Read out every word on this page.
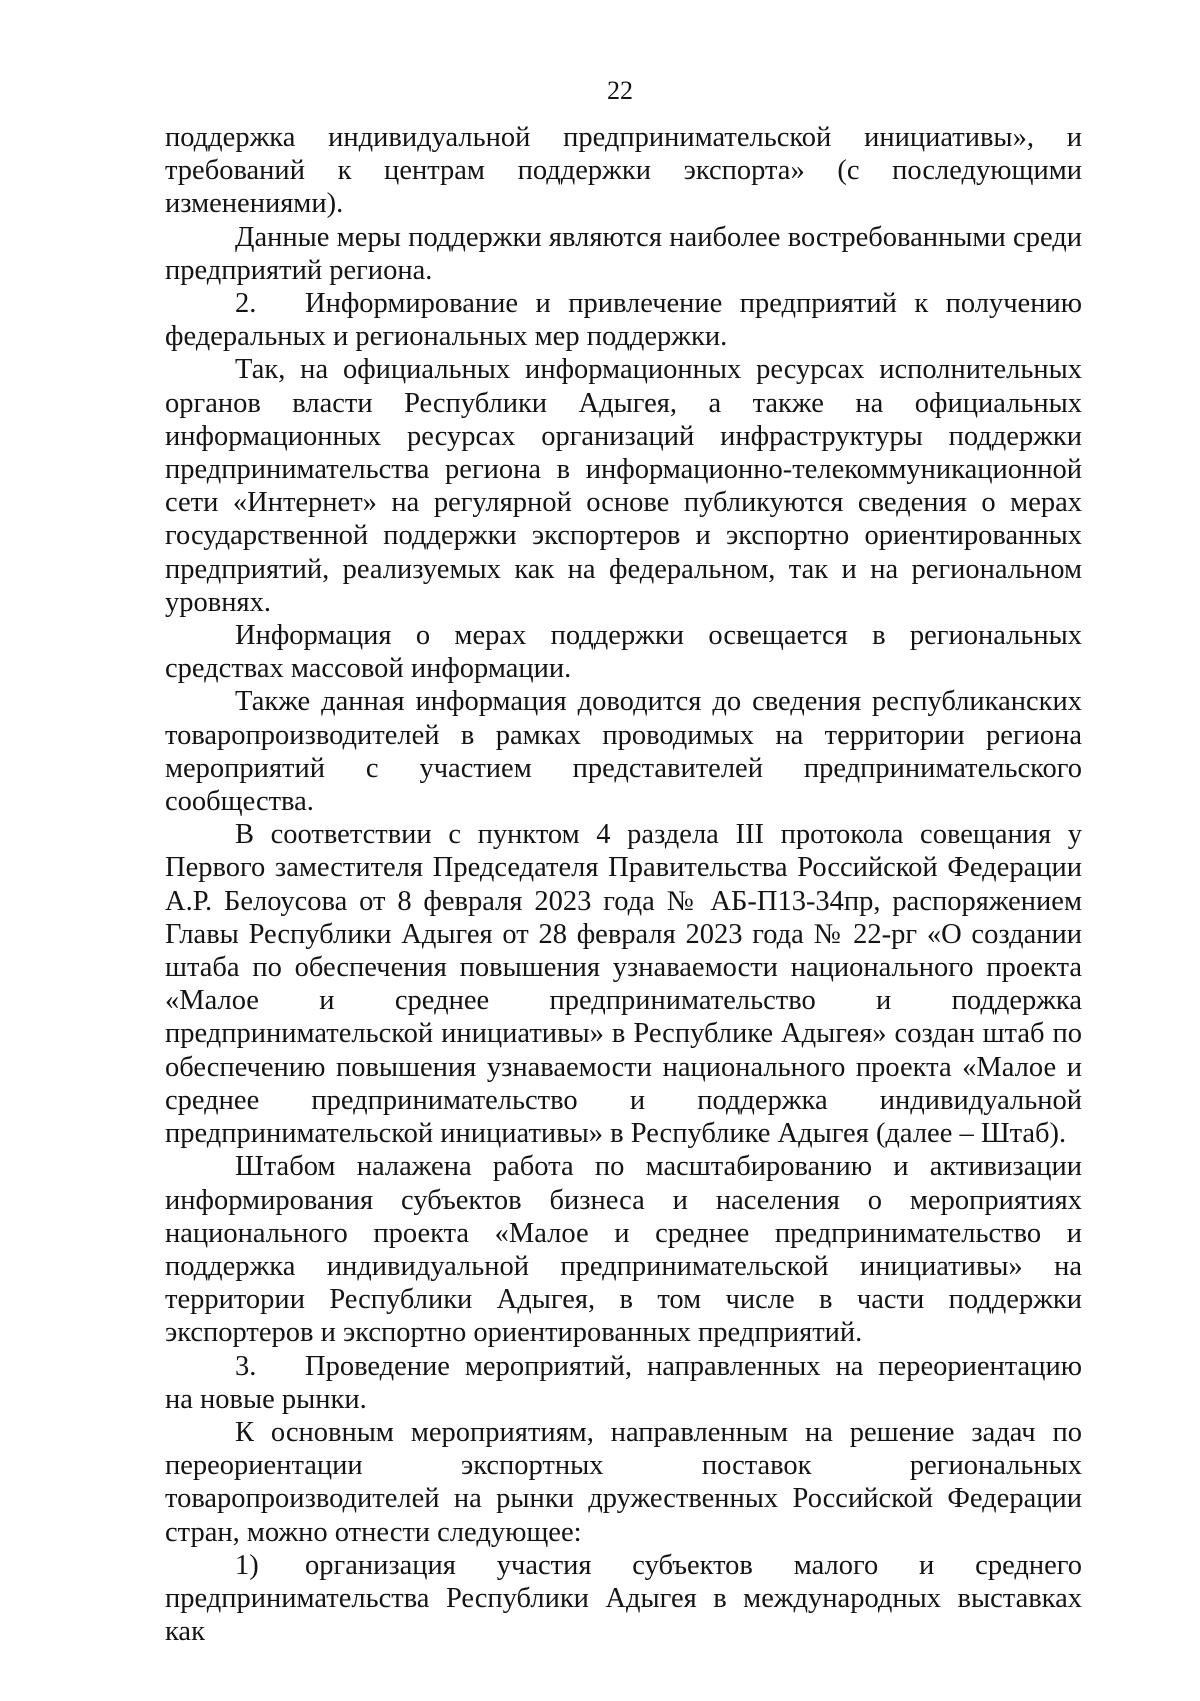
22

поддержка индивидуальной предпринимательской инициативы», и требований к центрам поддержки экспорта» (с последующими изменениями).

Данные меры поддержки являются наиболее востребованными среди предприятий региона.

2. Информирование и привлечение предприятий к получению федеральных и региональных мер поддержки.

Так, на официальных информационных ресурсах исполнительных органов власти Республики Адыгея, а также на официальных информационных ресурсах организаций инфраструктуры поддержки предпринимательства региона в информационно-телекоммуникационной сети «Интернет» на регулярной основе публикуются сведения о мерах государственной поддержки экспортеров и экспортно ориентированных предприятий, реализуемых как на федеральном, так и на региональном уровнях.

Информация о мерах поддержки освещается в региональных средствах массовой информации.

Также данная информация доводится до сведения республиканских товаропроизводителей в рамках проводимых на территории региона мероприятий с участием представителей предпринимательского сообщества.

В соответствии с пунктом 4 раздела III протокола совещания у Первого заместителя Председателя Правительства Российской Федерации А.Р. Белоусова от 8 февраля 2023 года № АБ-П13-34пр, распоряжением Главы Республики Адыгея от 28 февраля 2023 года № 22-рг «О создании штаба по обеспечения повышения узнаваемости национального проекта «Малое и среднее предпринимательство и поддержка предпринимательской инициативы» в Республике Адыгея» создан штаб по обеспечению повышения узнаваемости национального проекта «Малое и среднее предпринимательство и поддержка индивидуальной предпринимательской инициативы» в Республике Адыгея (далее – Штаб).

Штабом налажена работа по масштабированию и активизации информирования субъектов бизнеса и населения о мероприятиях национального проекта «Малое и среднее предпринимательство и поддержка индивидуальной предпринимательской инициативы» на территории Республики Адыгея, в том числе в части поддержки экспортеров и экспортно ориентированных предприятий.

3. Проведение мероприятий, направленных на переориентацию на новые рынки.

К основным мероприятиям, направленным на решение задач по переориентации экспортных поставок региональных товаропроизводителей на рынки дружественных Российской Федерации стран, можно отнести следующее:

1) организация участия субъектов малого и среднего предпринимательства Республики Адыгея в международных выставках как
